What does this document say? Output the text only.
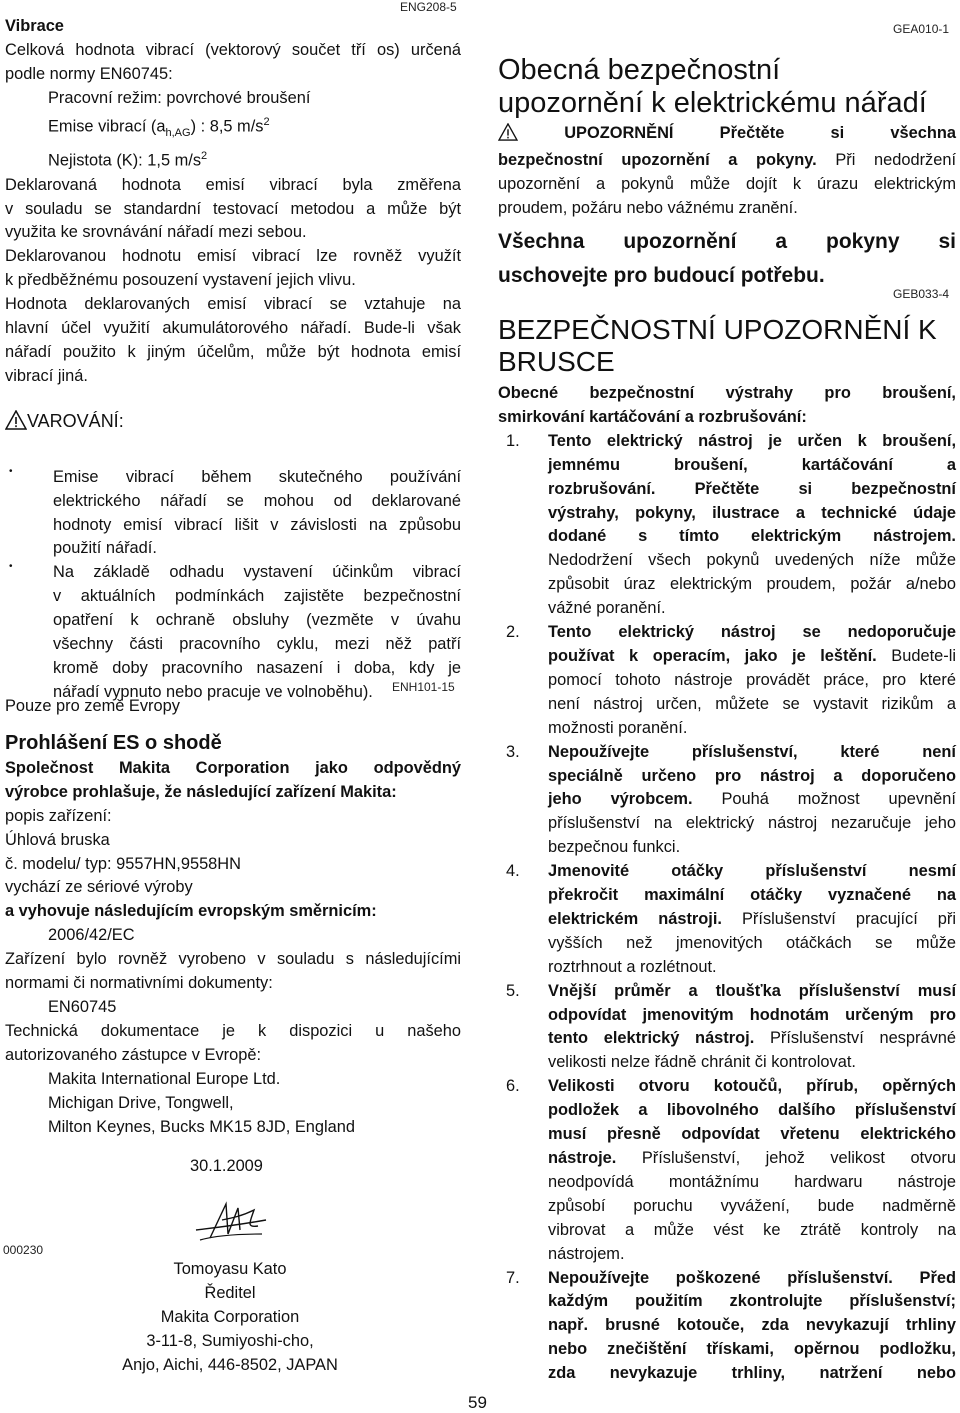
ENG208-5
GEA010-1
Vibrace
Celková hodnota vibrací (vektorový součet tří os) určená
podle normy EN60745:
Pracovní režim: povrchové broušení
Emise vibrací $(a_{h,AG})$ : 8,5 $m/s^2$
Nejistota (K): 1,5 $m/s^2$
Deklarovaná hodnota emisí vibrací byla změřena
v souladu se standardní testovací metodou a může být
využita ke srovnávání nářadí mezi sebou.
Deklarovanou hodnotu emisí vibrací lze rovněž využít
k předběžnému posouzení vystavení jejich vlivu.
Hodnota deklarovaných emisí vibrací se vztahuje na
hlavní účel využití akumulátorového nářadí. Bude-li však
nářadí použito k jiným účelům, může být hodnota emisí
vibrací jiná.
VAROVÁNÍ:
• Emise vibrací během skutečného používání
elektrického nářadí se mohou od deklarované
hodnoty emisí vibrací lišit v závislosti na způsobu
použití nářadí.
• Na základě odhadu vystavení účinkům vibrací
v aktuálních podmínkách zajistěte bezpečnostní
opatření k ochraně obsluhy (vezměte v úvahu
všechny části pracovního cyklu, mezi něž patří
kromě doby pracovního nasazení i doba, kdy je
nářadí vypnuto nebo pracuje ve volnoběhu).	ENH101-15
Pouze pro země Evropy
Prohlášení ES o shodě
Společnost Makita Corporation jako odpovědný
výrobce prohlašuje, že následující zařízení Makita:
popis zařízení:
Úhlová bruska
č. modelu/ typ: 9557HN,9558HN
vychází ze sériové výroby
a vyhovuje následujícím evropským směrnicím:
2006/42/EC
Zařízení bylo rovněž vyrobeno v souladu s následujícími
normami či normativními dokumenty:
EN60745
Technická dokumentace je k dispozici u našeho
autorizovaného zástupce v Evropě:
Makita International Europe Ltd.
Michigan Drive, Tongwell,
Milton Keynes, Bucks MK15 8JD, England
30.1.2009
000230
Tomoyasu Kato
Ředitel
Makita Corporation
3-11-8, Sumiyoshi-cho,
Anjo, Aichi, 446-8502, JAPAN
Obecná bezpečnostní
upozornění k elektrickému nářadí
UPOZORNĚNÍ Přečtěte si všechna
bezpečnostní upozornění a pokyny. Při nedodržení
upozornění a pokynů může dojít k úrazu elektrickým
proudem, požáru nebo vážnému zranění.
Všechna upozornění a pokyny si
uschovejte pro budoucí potřebu.
GEB033-4
BEZPEČNOSTNÍ UPOZORNĚNÍ K
BRUSCE
Obecné bezpečnostní výstrahy pro broušení,
smirkování kartáčování a rozbrušování:
1. Tento elektrický nástroj je určen k broušení,
jemnému broušení, kartáčování a
rozbrušování. Přečtěte si bezpečnostní
výstrahy, pokyny, ilustrace a technické údaje
dodané s tímto elektrickým nástrojem.
Nedodržení všech pokynů uvedených níže může
způsobit úraz elektrickým proudem, požár a/nebo
vážné poranění.
2. Tento elektrický nástroj se nedoporučuje
používat k operacím, jako je leštění. Budete-li
pomocí tohoto nástroje provádět práce, pro které
není nástroj určen, můžete se vystavit rizikům a
možnosti poranění.
3. Nepoužívejte příslušenství, které není
speciálně určeno pro nástroj a doporučeno
jeho výrobcem. Pouhá možnost upevnění
příslušenství na elektrický nástroj nezaručuje jeho
bezpečnou funkci.
4. Jmenovité otáčky příslušenství nesmí
překročit maximální otáčky vyznačené na
elektrickém nástroji. Příslušenství pracující při
vyšších než jmenovitých otáčkách se může
roztrhnout a rozlétnout.
5. Vnější průměr a tloušťka příslušenství musí
odpovídat jmenovitým hodnotám určeným pro
tento elektrický nástroj. Příslušenství nesprávné
velikosti nelze řádně chránit či kontrolovat.
6. Velikosti otvoru kotoučů, přírub, opěrných
podložek a libovolného dalšího příslušenství
musí přesně odpovídat vřetenu elektrického
nástroje. Příslušenství, jehož velikost otvoru
neodpovídá montážnímu hardwaru nástroje
způsobí poruchu vyvážení, bude nadměrně
vibrovat a může vést ke ztrátě kontroly na
nástrojem.
7. Nepoužívejte poškozené příslušenství. Před
každým použitím zkontrolujte příslušenství;
např. brusné kotouče, zda nevykazují trhliny
nebo znečištění třískami, opěrnou podložku,
zda nevykazuje trhliny, natržení nebo
59
